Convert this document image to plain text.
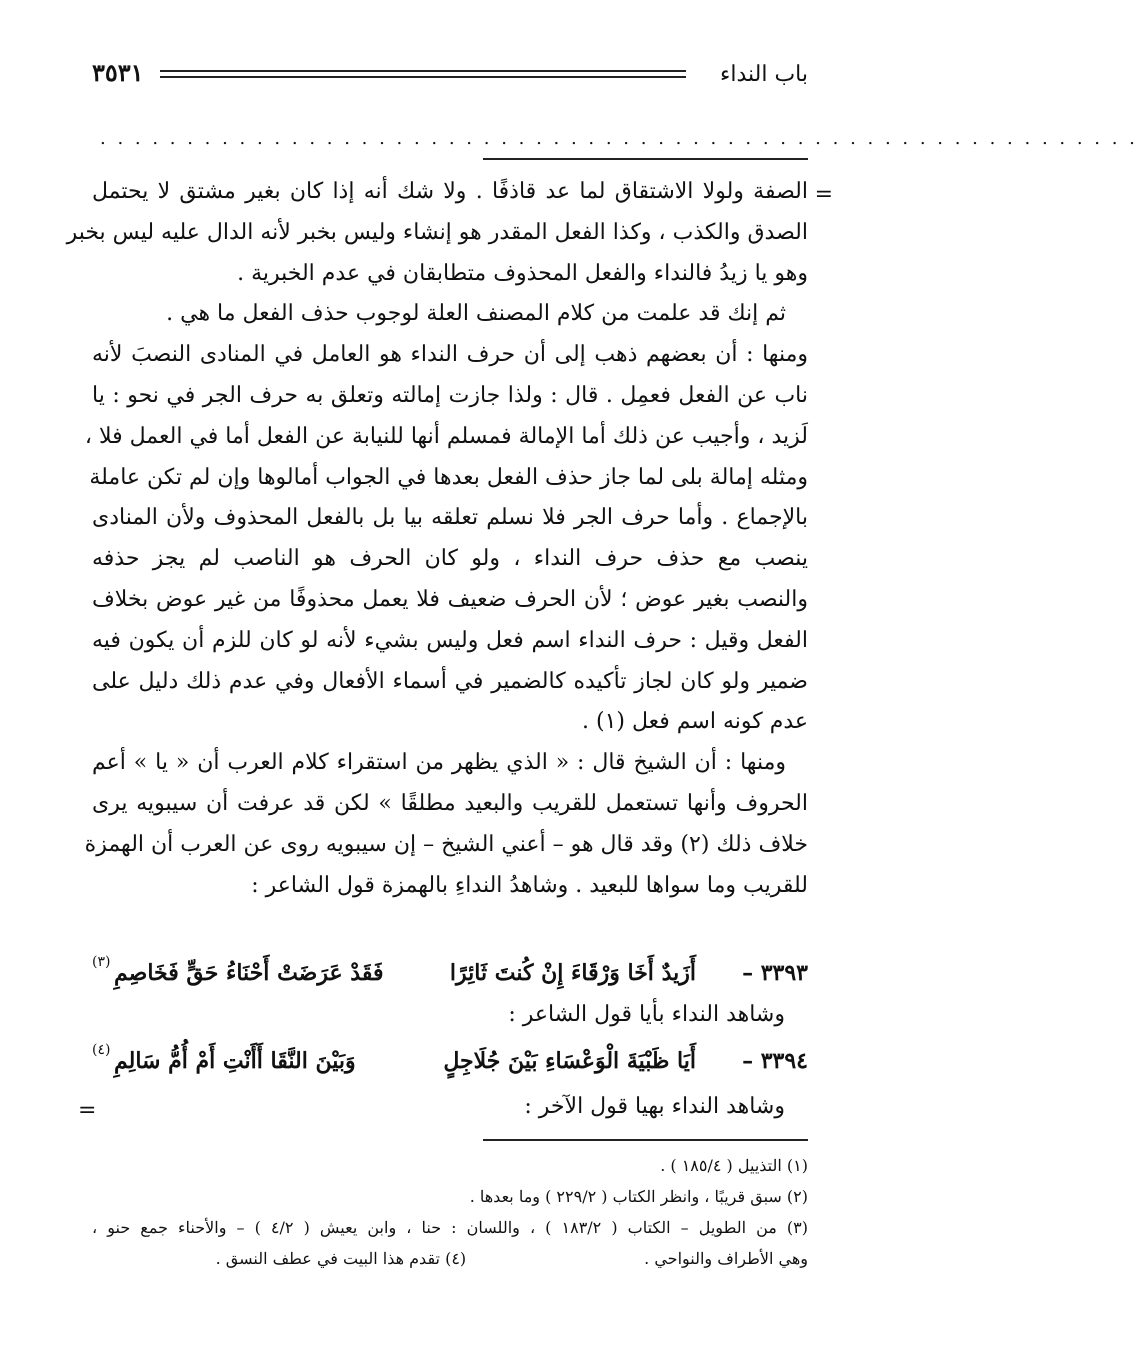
باب النداء
٣٥٣١
. . . . . . . . . . . . . . . . . . . . . . . . . . . . . . . . . . . . . . . . . . . . . . . . . . . . . . . . . . . .
=
الصفة ولولا الاشتقاق لما عد قاذفًا . ولا شك أنه إذا كان بغير مشتق لا يحتمل
الصدق والكذب ، وكذا الفعل المقدر هو إنشاء وليس بخبر لأنه الدال عليه ليس بخبر
وهو يا زيدُ فالنداء والفعل المحذوف متطابقان في عدم الخبرية .
ثم إنك قد علمت من كلام المصنف العلة لوجوب حذف الفعل ما هي .
ومنها : أن بعضهم ذهب إلى أن حرف النداء هو العامل في المنادى النصبَ لأنه
ناب عن الفعل فعمِل . قال : ولذا جازت إمالته وتعلق به حرف الجر في نحو : يا
لَزيد ، وأجيب عن ذلك أما الإمالة فمسلم أنها للنيابة عن الفعل أما في العمل فلا ،
ومثله إمالة بلى لما جاز حذف الفعل بعدها في الجواب أمالوها وإن لم تكن عاملة
بالإجماع . وأما حرف الجر فلا نسلم تعلقه بيا بل بالفعل المحذوف ولأن المنادى
ينصب مع حذف حرف النداء ، ولو كان الحرف هو الناصب لم يجز حذفه
والنصب بغير عوض ؛ لأن الحرف ضعيف فلا يعمل محذوفًا من غير عوض بخلاف
الفعل وقيل : حرف النداء اسم فعل وليس بشيء لأنه لو كان للزم أن يكون فيه
ضمير ولو كان لجاز تأكيده كالضمير في أسماء الأفعال وفي عدم ذلك دليل على
عدم كونه اسم فعل (١) .
ومنها : أن الشيخ قال : « الذي يظهر من استقراء كلام العرب أن « يا » أعم
الحروف وأنها تستعمل للقريب والبعيد مطلقًا » لكن قد عرفت أن سيبويه يرى
خلاف ذلك (٢) وقد قال هو – أعني الشيخ – إن سيبويه روى عن العرب أن الهمزة
للقريب وما سواها للبعيد . وشاهدُ النداءِ بالهمزة قول الشاعر :
٣٣٩٣ –
أَزَيدٌ أَخَا وَرْقَاءَ إِنْ كُنتَ ثَائِرًا
فَقَدْ عَرَضَتْ أَحْنَاءُ حَقٍّ فَخَاصِمِ
(٣)
وشاهد النداء بأيا قول الشاعر :
٣٣٩٤ –
أَيَا ظَبْيَةَ الْوَعْسَاءِ بَيْنَ جُلَاجِلٍ
وَبَيْنَ النَّقَا أَأَنْتِ أَمْ أُمُّ سَالِمِ
(٤)
وشاهد النداء بهيا قول الآخر :
=
(١) التذييل ( ١٨٥/٤ ) .
(٢) سبق قريبًا ، وانظر الكتاب ( ٢٢٩/٢ ) وما بعدها .
(٣) من الطويل – الكتاب ( ١٨٣/٢ ) ، واللسان : حنا ، وابن يعيش ( ٤/٢ ) – والأحناء جمع حنو ،
وهي الأطراف والنواحي .                                   (٤) تقدم هذا البيت في عطف النسق .
